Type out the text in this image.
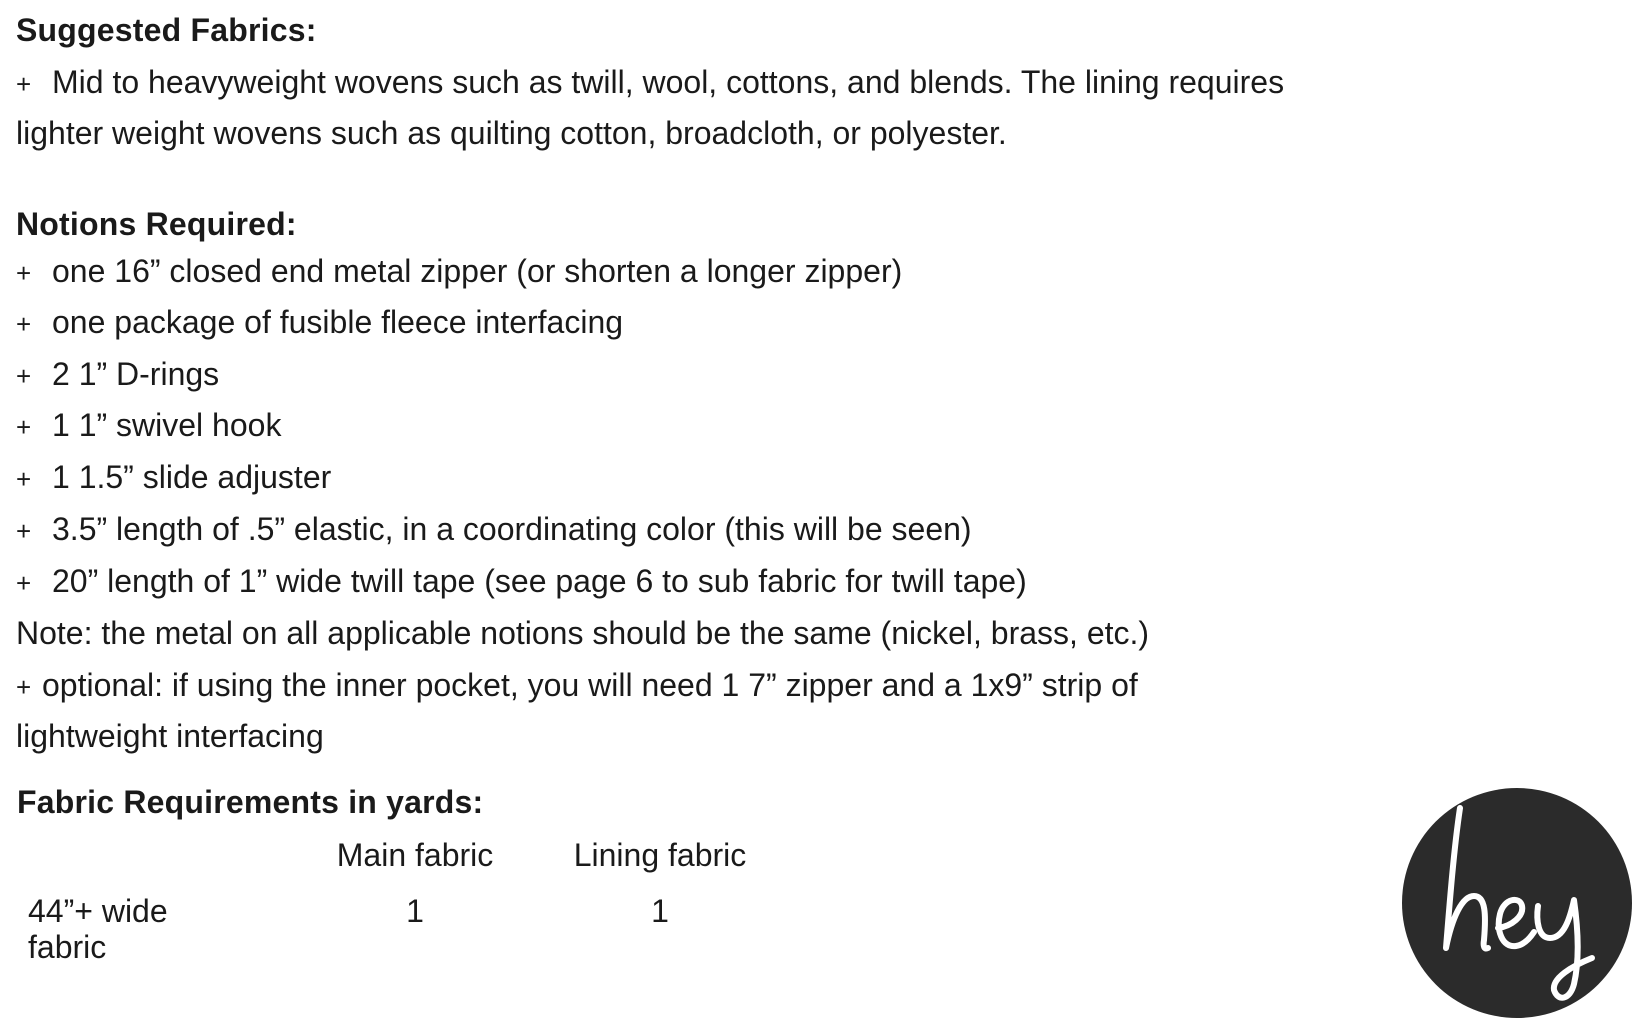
Suggested Fabrics:
+ Mid to heavyweight wovens such as twill, wool, cottons, and blends. The lining requires
lighter weight wovens such as quilting cotton, broadcloth, or polyester.
Notions Required:
+ one 16” closed end metal zipper (or shorten a longer zipper)
+ one package of fusible fleece interfacing
+ 2 1” D-rings
+ 1 1” swivel hook
+ 1 1.5” slide adjuster
+ 3.5” length of .5” elastic, in a coordinating color (this will be seen)
+ 20” length of 1” wide twill tape (see page 6 to sub fabric for twill tape)
Note: the metal on all applicable notions should be the same (nickel, brass, etc.)
+ optional: if using the inner pocket, you will need 1 7” zipper and a 1x9” strip of
lightweight interfacing
Fabric Requirements in yards:
Main fabric	Lining fabric
44”+ wide
fabric
1	1
